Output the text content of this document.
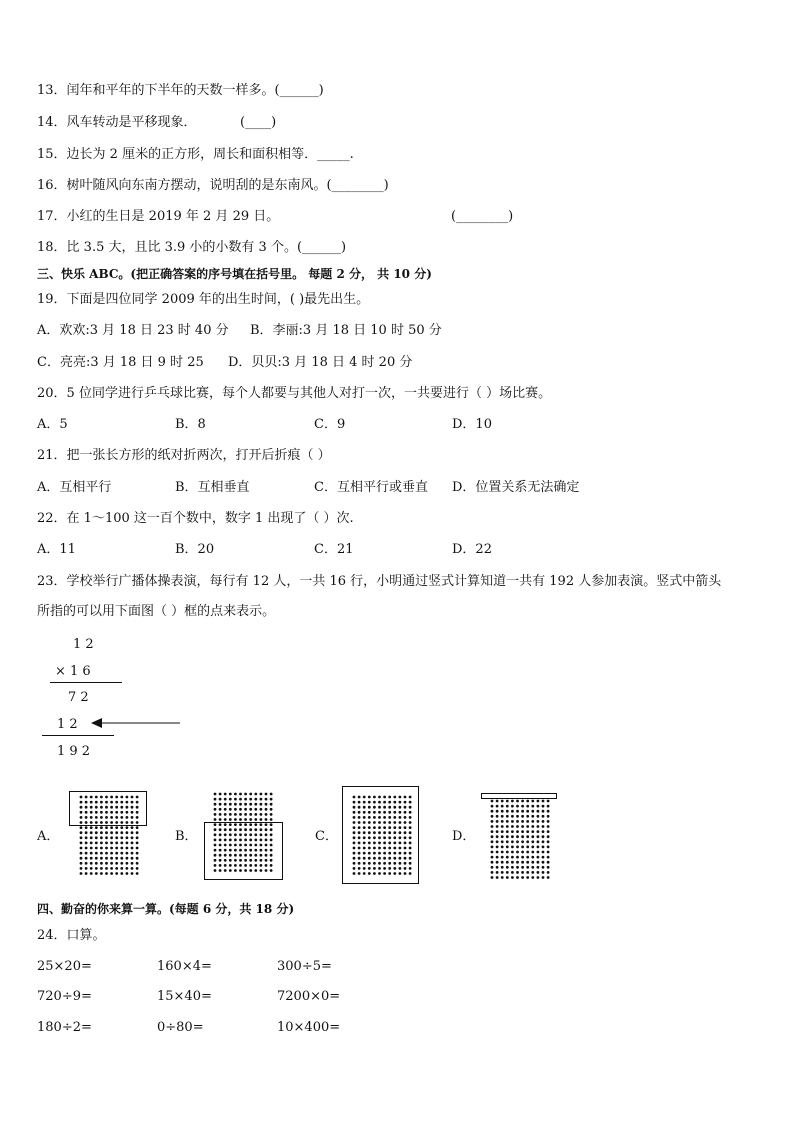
13．闰年和平年的下半年的天数一样多。(______)
14．风车转动是平移现象．	(____)
15．边长为 2 厘米的正方形，周长和面积相等．_____.
16．树叶随风向东南方摆动，说明刮的是东南风。(________)
17．小红的生日是 2019 年 2 月 29 日。	(________)
18．比 3.5 大，且比 3.9 小的小数有 3 个。(______)
三、快乐 ABC。(把正确答案的序号填在括号里。 每题 2 分， 共 10 分)
19．下面是四位同学 2009 年的出生时间，( )最先出生。
A．欢欢:3 月 18 日 23 时 40 分 B．李丽:3 月 18 日 10 时 50 分
C．亮亮:3 月 18 日 9 时 25 D．贝贝:3 月 18 日 4 时 20 分
20．5 位同学进行乒乓球比赛，每个人都要与其他人对打一次，一共要进行（ ）场比赛。
A．5	B．8	C．9	D．10
21．把一张长方形的纸对折两次，打开后折痕（ ）
A．互相平行	B．互相垂直	C．互相平行或垂直 D．位置关系无法确定
22．在 1～100 这一百个数中，数字 1 出现了（ ）次.
A．11	B．20	C．21	D．22
23．学校举行广播体操表演，每行有 12 人，一共 16 行，小明通过竖式计算知道一共有 192 人参加表演。竖式中箭头
所指的可以用下面图（ ）框的点来表示。
1 2
× 1 6
7 2
1 2
1 9 2
A．	B．	C．	D．
四、勤奋的你来算一算。(每题 6 分，共 18 分)
24．口算。
25×20=	160×4=	300÷5=
720÷9=	15×40=	7200×0=
180÷2=	0÷80=	10×400=
